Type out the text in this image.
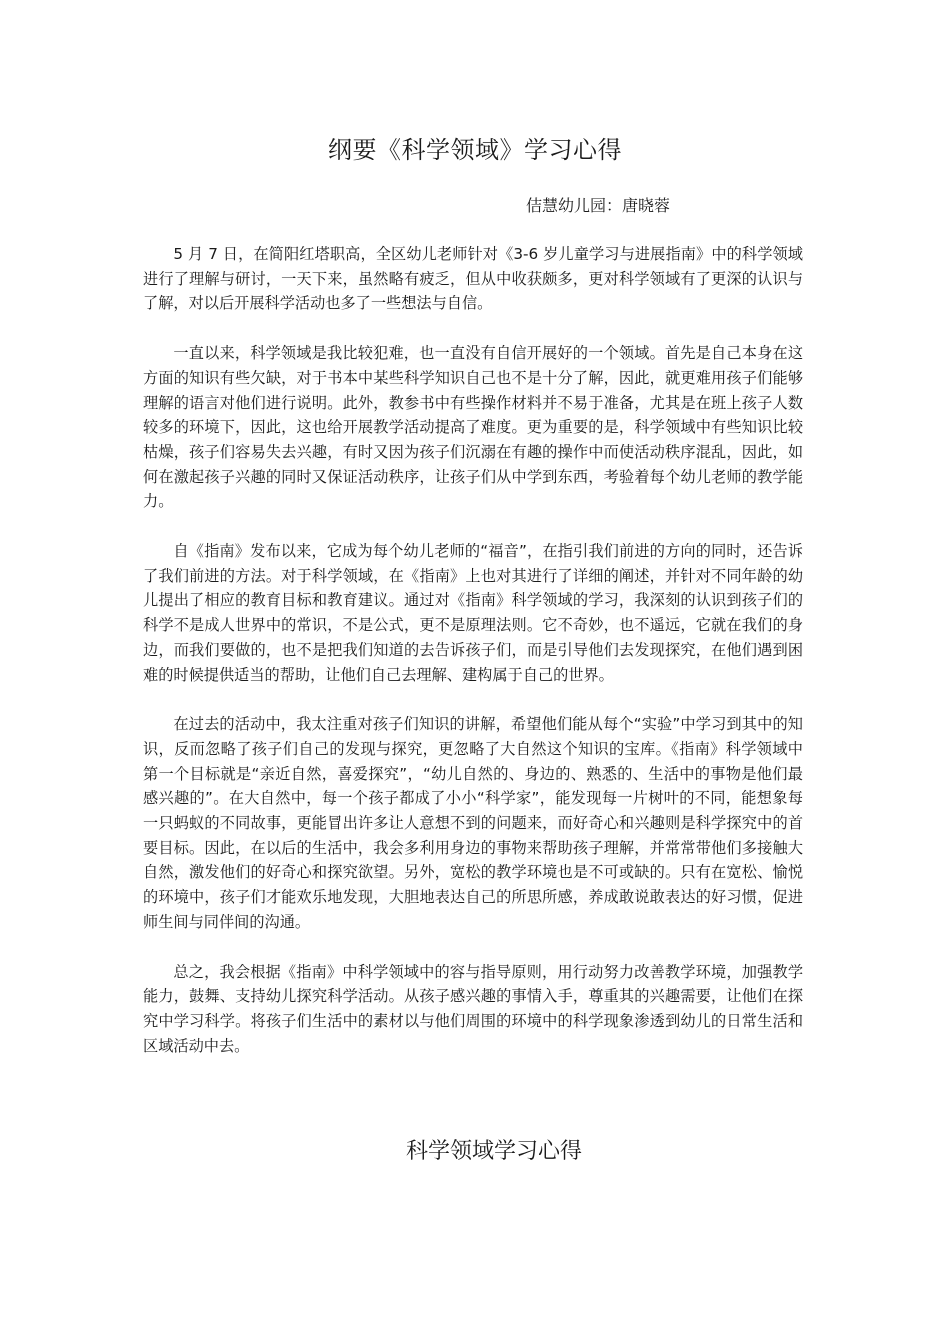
纲要《科学领域》学习心得

佶慧幼儿园：唐晓蓉

5 月 7 日，在简阳红塔职高，全区幼儿老师针对《3-6 岁儿童学习与进展指南》中的科学领域进行了理解与研讨，一天下来，虽然略有疲乏，但从中收获颇多，更对科学领域有了更深的认识与了解，对以后开展科学活动也多了一些想法与自信。

一直以来，科学领域是我比较犯难，也一直没有自信开展好的一个领域。首先是自己本身在这方面的知识有些欠缺，对于书本中某些科学知识自己也不是十分了解，因此，就更难用孩子们能够理解的语言对他们进行说明。此外，教参书中有些操作材料并不易于准备，尤其是在班上孩子人数较多的环境下，因此，这也给开展教学活动提高了难度。更为重要的是，科学领域中有些知识比较枯燥，孩子们容易失去兴趣，有时又因为孩子们沉溺在有趣的操作中而使活动秩序混乱，因此，如何在激起孩子兴趣的同时又保证活动秩序，让孩子们从中学到东西，考验着每个幼儿老师的教学能力。

自《指南》发布以来，它成为每个幼儿老师的“福音”，在指引我们前进的方向的同时，还告诉了我们前进的方法。对于科学领域，在《指南》上也对其进行了详细的阐述，并针对不同年龄的幼儿提出了相应的教育目标和教育建议。通过对《指南》科学领域的学习，我深刻的认识到孩子们的科学不是成人世界中的常识，不是公式，更不是原理法则。它不奇妙，也不遥远，它就在我们的身边，而我们要做的，也不是把我们知道的去告诉孩子们，而是引导他们去发现探究，在他们遇到困难的时候提供适当的帮助，让他们自己去理解、建构属于自己的世界。

在过去的活动中，我太注重对孩子们知识的讲解，希望他们能从每个“实验”中学习到其中的知识，反而忽略了孩子们自己的发现与探究，更忽略了大自然这个知识的宝库。《指南》科学领域中第一个目标就是“亲近自然，喜爱探究”，“幼儿自然的、身边的、熟悉的、生活中的事物是他们最感兴趣的”。在大自然中，每一个孩子都成了小小“科学家”，能发现每一片树叶的不同，能想象每一只蚂蚁的不同故事，更能冒出许多让人意想不到的问题来，而好奇心和兴趣则是科学探究中的首要目标。因此，在以后的生活中，我会多利用身边的事物来帮助孩子理解，并常常带他们多接触大自然，激发他们的好奇心和探究欲望。另外，宽松的教学环境也是不可或缺的。只有在宽松、愉悦的环境中，孩子们才能欢乐地发现，大胆地表达自己的所思所感，养成敢说敢表达的好习惯，促进师生间与同伴间的沟通。

总之，我会根据《指南》中科学领域中的容与指导原则，用行动努力改善教学环境，加强教学能力，鼓舞、支持幼儿探究科学活动。从孩子感兴趣的事情入手，尊重其的兴趣需要，让他们在探究中学习科学。将孩子们生活中的素材以与他们周围的环境中的科学现象渗透到幼儿的日常生活和区域活动中去。

科学领域学习心得
